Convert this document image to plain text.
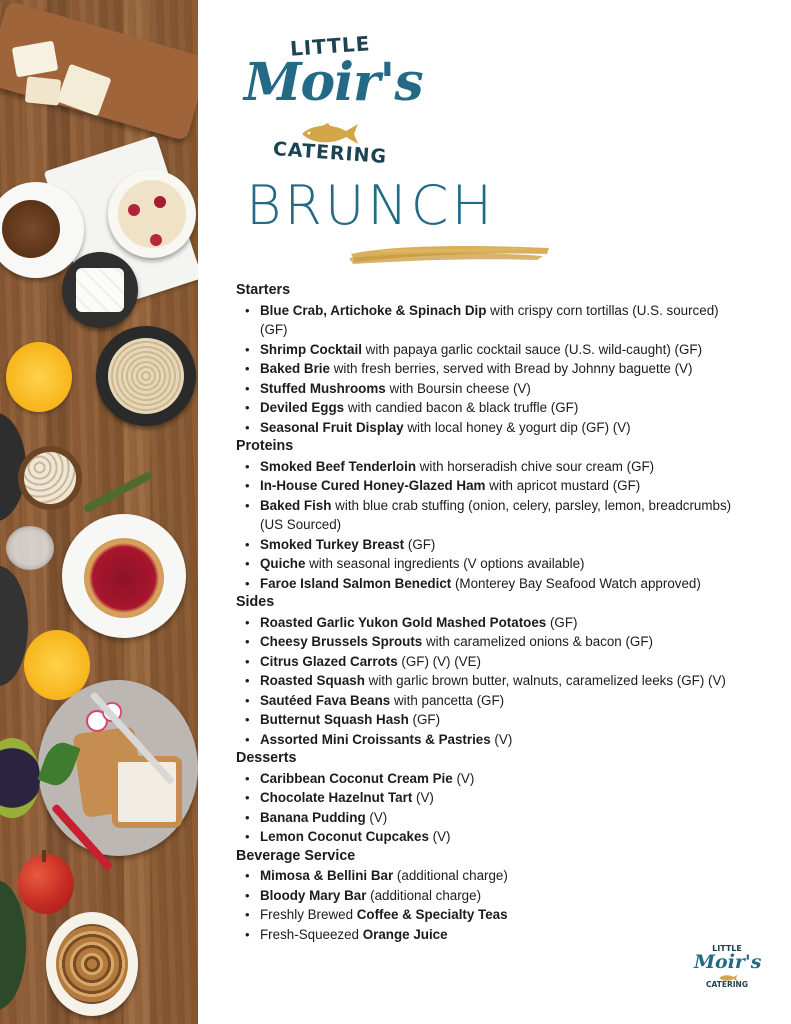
LITTLE
Moir's
CATERING
BRUNCH
Starters
• Blue Crab, Artichoke & Spinach Dip with crispy corn tortillas (U.S. sourced) (GF)
• Shrimp Cocktail with papaya garlic cocktail sauce (U.S. wild-caught) (GF)
• Baked Brie with fresh berries, served with Bread by Johnny baguette (V)
• Stuffed Mushrooms with Boursin cheese (V)
• Deviled Eggs with candied bacon & black truffle (GF)
• Seasonal Fruit Display with local honey & yogurt dip (GF) (V)
Proteins
• Smoked Beef Tenderloin with horseradish chive sour cream (GF)
• In-House Cured Honey-Glazed Ham with apricot mustard (GF)
• Baked Fish with blue crab stuffing (onion, celery, parsley, lemon, breadcrumbs) (US Sourced)
• Smoked Turkey Breast (GF)
• Quiche with seasonal ingredients (V options available)
• Faroe Island Salmon Benedict (Monterey Bay Seafood Watch approved)
Sides
• Roasted Garlic Yukon Gold Mashed Potatoes (GF)
• Cheesy Brussels Sprouts with caramelized onions & bacon (GF)
• Citrus Glazed Carrots (GF) (V) (VE)
• Roasted Squash with garlic brown butter, walnuts, caramelized leeks (GF) (V)
• Sautéed Fava Beans with pancetta (GF)
• Butternut Squash Hash (GF)
• Assorted Mini Croissants & Pastries (V)
Desserts
• Caribbean Coconut Cream Pie (V)
• Chocolate Hazelnut Tart (V)
• Banana Pudding (V)
• Lemon Coconut Cupcakes (V)
Beverage Service
• Mimosa & Bellini Bar (additional charge)
• Bloody Mary Bar (additional charge)
• Freshly Brewed Coffee & Specialty Teas
• Fresh-Squeezed Orange Juice
LITTLE
Moir's
CATERING
